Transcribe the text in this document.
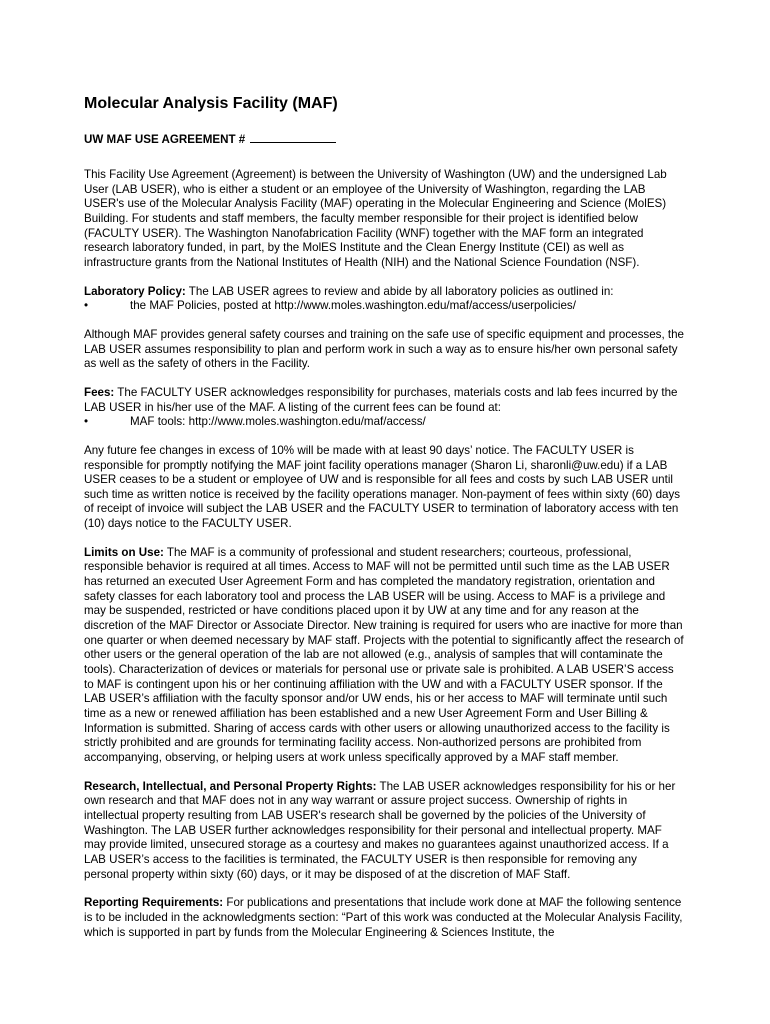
Molecular Analysis Facility (MAF)
UW MAF USE AGREEMENT #

This Facility Use Agreement (Agreement) is between the University of Washington (UW) and the undersigned Lab User (LAB USER), who is either a student or an employee of the University of Washington, regarding the LAB USER's use of the Molecular Analysis Facility (MAF) operating in the Molecular Engineering and Science (MolES) Building. For students and staff members, the faculty member responsible for their project is identified below (FACULTY USER). The Washington Nanofabrication Facility (WNF) together with the MAF form an integrated research laboratory funded, in part, by the MolES Institute and the Clean Energy Institute (CEI) as well as infrastructure grants from the National Institutes of Health (NIH) and the National Science Foundation (NSF).

Laboratory Policy: The LAB USER agrees to review and abide by all laboratory policies as outlined in:

•	the MAF Policies, posted at http://www.moles.washington.edu/maf/access/userpolicies/

Although MAF provides general safety courses and training on the safe use of specific equipment and processes, the LAB USER assumes responsibility to plan and perform work in such a way as to ensure his/her own personal safety as well as the safety of others in the Facility.

Fees: The FACULTY USER acknowledges responsibility for purchases, materials costs and lab fees incurred by the LAB USER in his/her use of the MAF. A listing of the current fees can be found at:

•	MAF tools: http://www.moles.washington.edu/maf/access/

Any future fee changes in excess of 10% will be made with at least 90 days’ notice. The FACULTY USER is responsible for promptly notifying the MAF joint facility operations manager (Sharon Li, sharonli@uw.edu) if a LAB USER ceases to be a student or employee of UW and is responsible for all fees and costs by such LAB USER until such time as written notice is received by the facility operations manager. Non-payment of fees within sixty (60) days of receipt of invoice will subject the LAB USER and the FACULTY USER to termination of laboratory access with ten (10) days notice to the FACULTY USER.

Limits on Use: The MAF is a community of professional and student researchers; courteous, professional, responsible behavior is required at all times. Access to MAF will not be permitted until such time as the LAB USER has returned an executed User Agreement Form and has completed the mandatory registration, orientation and safety classes for each laboratory tool and process the LAB USER will be using. Access to MAF is a privilege and may be suspended, restricted or have conditions placed upon it by UW at any time and for any reason at the discretion of the MAF Director or Associate Director. New training is required for users who are inactive for more than one quarter or when deemed necessary by MAF staff. Projects with the potential to significantly affect the research of other users or the general operation of the lab are not allowed (e.g., analysis of samples that will contaminate the tools). Characterization of devices or materials for personal use or private sale is prohibited. A LAB USER’S access to MAF is contingent upon his or her continuing affiliation with the UW and with a FACULTY USER sponsor. If the LAB USER’s affiliation with the faculty sponsor and/or UW ends, his or her access to MAF will terminate until such time as a new or renewed affiliation has been established and a new User Agreement Form and User Billing & Information is submitted. Sharing of access cards with other users or allowing unauthorized access to the facility is strictly prohibited and are grounds for terminating facility access. Non-authorized persons are prohibited from accompanying, observing, or helping users at work unless specifically approved by a MAF staff member.

Research, Intellectual, and Personal Property Rights: The LAB USER acknowledges responsibility for his or her own research and that MAF does not in any way warrant or assure project success. Ownership of rights in intellectual property resulting from LAB USER's research shall be governed by the policies of the University of Washington. The LAB USER further acknowledges responsibility for their personal and intellectual property. MAF may provide limited, unsecured storage as a courtesy and makes no guarantees against unauthorized access. If a LAB USER’s access to the facilities is terminated, the FACULTY USER is then responsible for removing any personal property within sixty (60) days, or it may be disposed of at the discretion of MAF Staff.

Reporting Requirements: For publications and presentations that include work done at MAF the following sentence is to be included in the acknowledgments section: “Part of this work was conducted at the Molecular Analysis Facility, which is supported in part by funds from the Molecular Engineering & Sciences Institute, the
